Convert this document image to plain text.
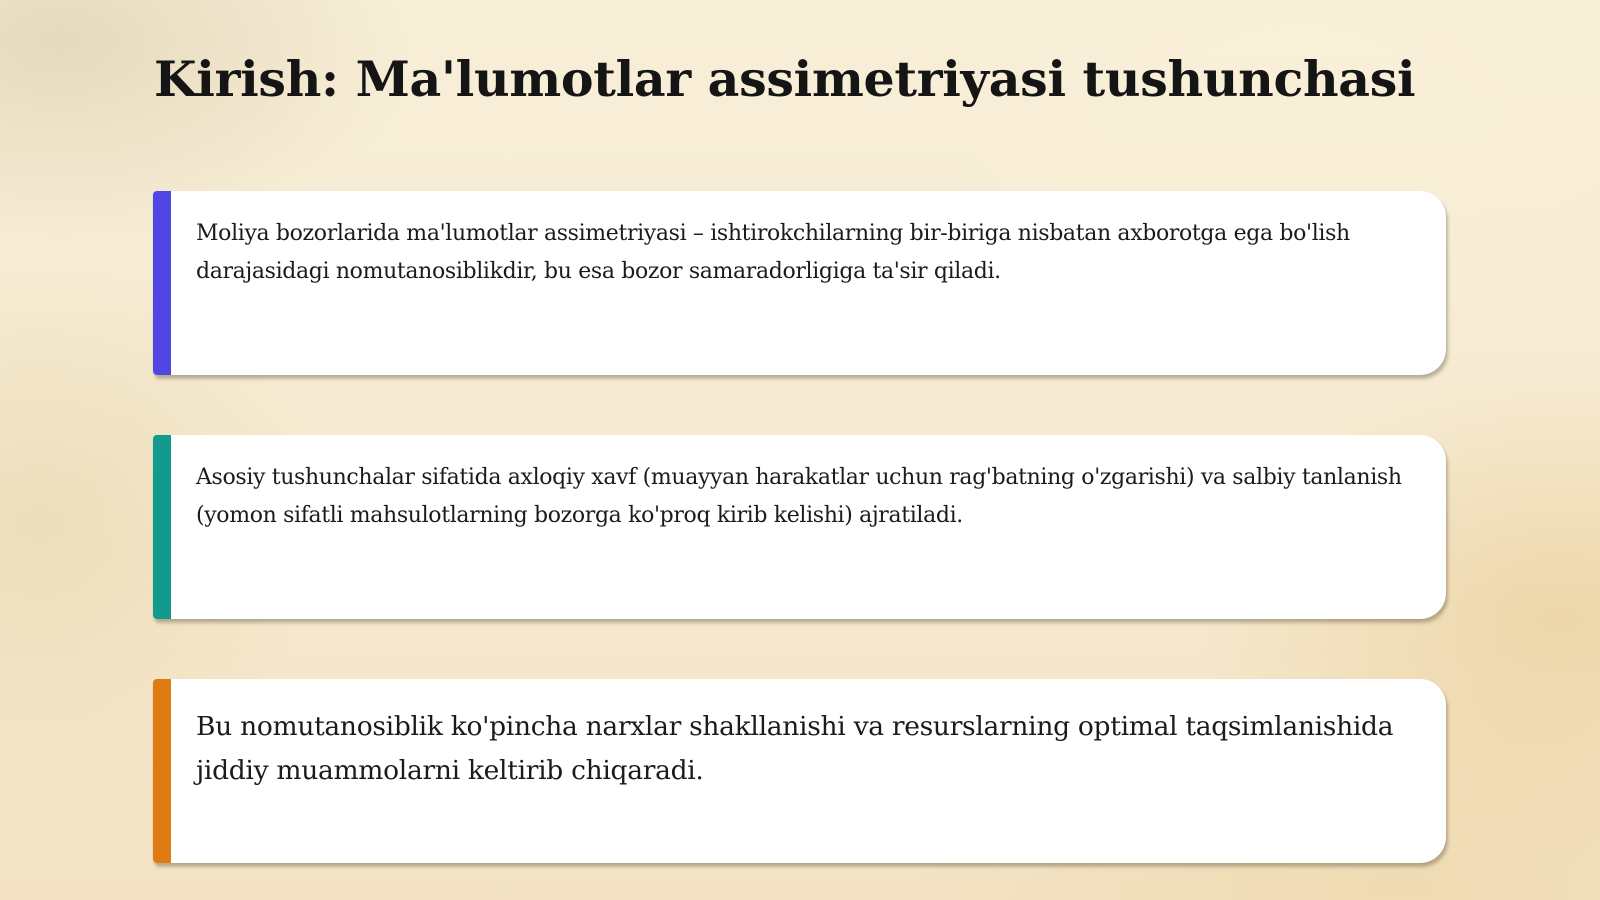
Kirish: Ma'lumotlar assimetriyasi tushunchasi

Moliya bozorlarida ma'lumotlar assimetriyasi – ishtirokchilarning bir-biriga nisbatan axborotga ega bo'lish darajasidagi nomutanosiblikdir, bu esa bozor samaradorligiga ta'sir qiladi.

Asosiy tushunchalar sifatida axloqiy xavf (muayyan harakatlar uchun rag'batning o'zgarishi) va salbiy tanlanish (yomon sifatli mahsulotlarning bozorga ko'proq kirib kelishi) ajratiladi.

Bu nomutanosiblik ko'pincha narxlar shakllanishi va resurslarning optimal taqsimlanishida jiddiy muammolarni keltirib chiqaradi.
